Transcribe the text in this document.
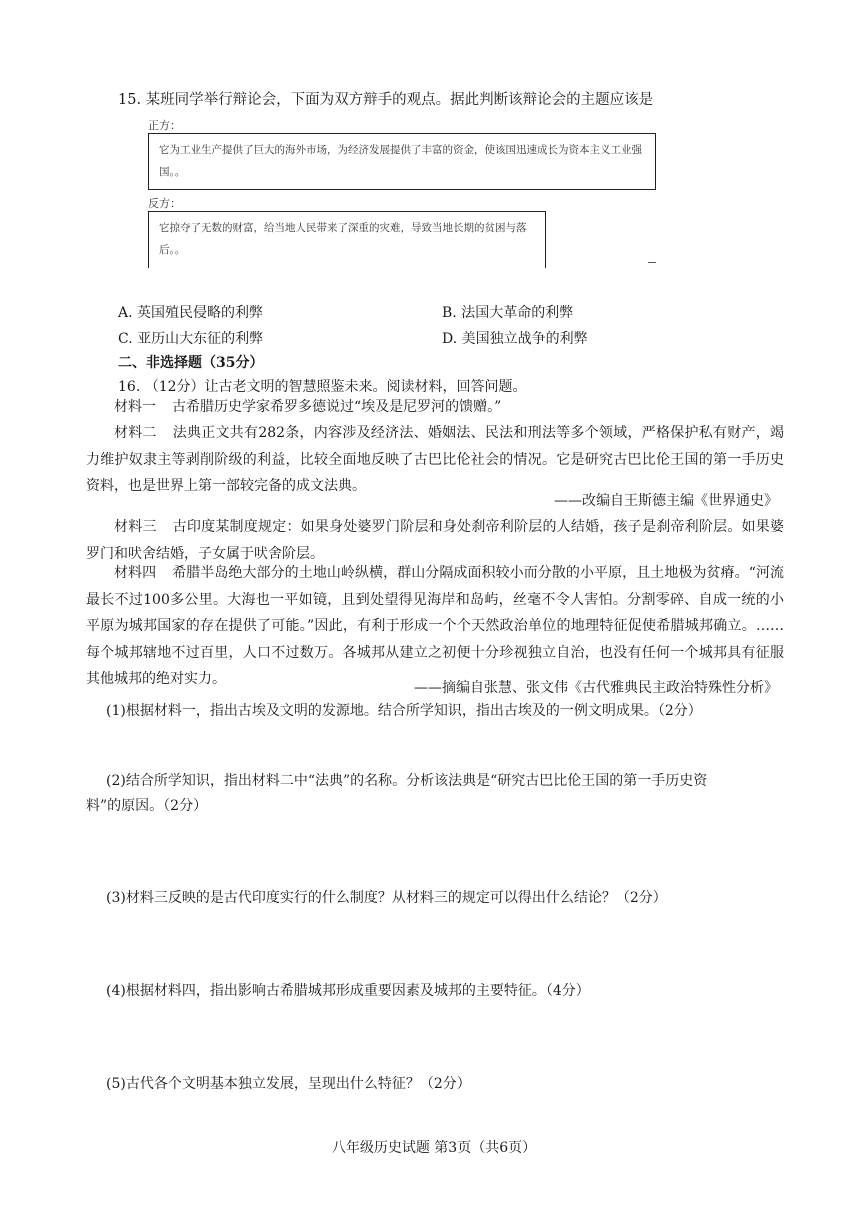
15. 某班同学举行辩论会，下面为双方辩手的观点。据此判断该辩论会的主题应该是
正方：
它为工业生产提供了巨大的海外市场，为经济发展提供了丰富的资金，使该国迅速成长为资本主义工业强国。。
反方：
它掠夺了无数的财富，给当地人民带来了深重的灾难，导致当地长期的贫困与落后。。
A. 英国殖民侵略的利弊	B. 法国大革命的利弊
C. 亚历山大东征的利弊	D. 美国独立战争的利弊
二、非选择题（35分）
16. （12分）让古老文明的智慧照鉴未来。阅读材料，回答问题。
材料一 古希腊历史学家希罗多德说过“埃及是尼罗河的馈赠。”
材料二 法典正文共有282条，内容涉及经济法、婚姻法、民法和刑法等多个领域，严格保护私有财产，竭力维护奴隶主等剥削阶级的利益，比较全面地反映了古巴比伦社会的情况。它是研究古巴比伦王国的第一手历史资料，也是世界上第一部较完备的成文法典。
——改编自王斯德主编《世界通史》
材料三 古印度某制度规定：如果身处婆罗门阶层和身处刹帝利阶层的人结婚，孩子是刹帝利阶层。如果婆罗门和吠舍结婚，子女属于吠舍阶层。
材料四 希腊半岛绝大部分的土地山岭纵横，群山分隔成面积较小而分散的小平原，且土地极为贫瘠。“河流最长不过100多公里。大海也一平如镜，且到处望得见海岸和岛屿，丝毫不令人害怕。分割零碎、自成一统的小平原为城邦国家的存在提供了可能。”因此，有利于形成一个个天然政治单位的地理特征促使希腊城邦确立。……每个城邦辖地不过百里，人口不过数万。各城邦从建立之初便十分珍视独立自治，也没有任何一个城邦具有征服其他城邦的绝对实力。
——摘编自张慧、张文伟《古代雅典民主政治特殊性分析》
(1)根据材料一，指出古埃及文明的发源地。结合所学知识，指出古埃及的一例文明成果。（2分）
(2)结合所学知识，指出材料二中“法典”的名称。分析该法典是“研究古巴比伦王国的第一手历史资
料”的原因。（2分）
(3)材料三反映的是古代印度实行的什么制度？从材料三的规定可以得出什么结论？（2分）
(4)根据材料四，指出影响古希腊城邦形成重要因素及城邦的主要特征。（4分）
(5)古代各个文明基本独立发展，呈现出什么特征？（2分）
八年级历史试题 第3页（共6页）
